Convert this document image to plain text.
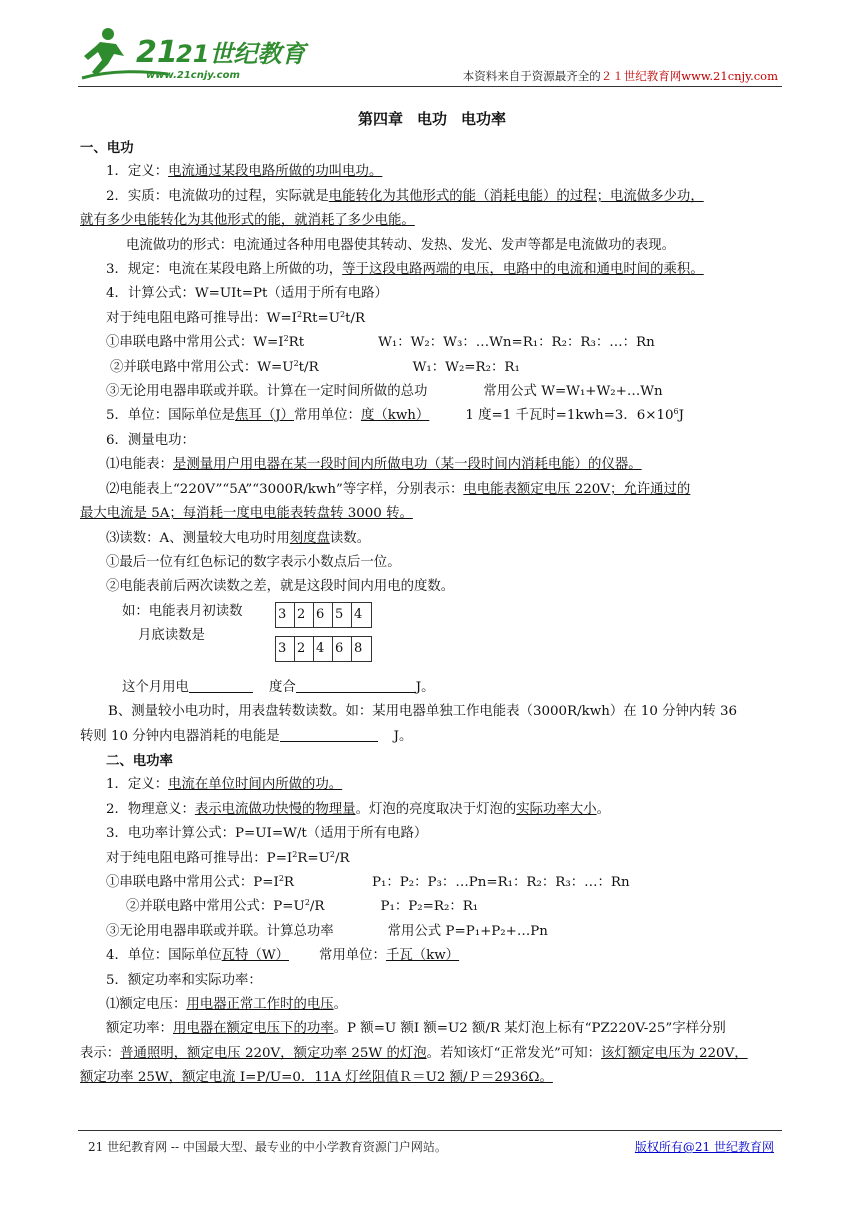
21
21世纪教育
www.21cnjy.com	本资料来自于资源最齐全的２１世纪教育网www.21cnjy.com
第四章 电功 电功率
一、电功
1．定义：电流通过某段电路所做的功叫电功。
2．实质：电流做功的过程，实际就是电能转化为其他形式的能（消耗电能）的过程；电流做多少功，
就有多少电能转化为其他形式的能，就消耗了多少电能。
电流做功的形式：电流通过各种用电器使其转动、发热、发光、发声等都是电流做功的表现。
3．规定：电流在某段电路上所做的功，等于这段电路两端的电压，电路中的电流和通电时间的乘积。
4．计算公式：W=UIt=Pt（适用于所有电路）
对于纯电阻电路可推导出：$W=I^2Rt=U^2t/R$
①串联电路中常用公式：$W=I^2Rt$	W₁：W₂：W₃：…Wn=R₁：R₂：R₃：…：Rn
②并联电路中常用公式：$W=U^2t/R$	W₁：W₂=R₂：R₁
③无论用电器串联或并联。计算在一定时间所做的总功	常用公式 W=W₁+W₂+…Wn
5．单位：国际单位是焦耳（J）常用单位：度（kwh）	1 度=1 千瓦时=1kwh=3．$6\times 10^6J$
6．测量电功：
⑴电能表：是测量用户用电器在某一段时间内所做电功（某一段时间内消耗电能）的仪器。
⑵电能表上“220V”“5A”“3000R/kwh”等字样，分别表示：电电能表额定电压 220V；允许通过的
最大电流是 5A；每消耗一度电电能表转盘转 3000 转。
⑶读数：A、测量较大电功时用刻度盘读数。
①最后一位有红色标记的数字表示小数点后一位。
②电能表前后两次读数之差，就是这段时间内用电的度数。
如：电能表月初读数
月底读数是
3 2 6 5 4
3 2 4 6 8
这个月用电	度合	J。
B、测量较小电功时，用表盘转数读数。如：某用电器单独工作电能表（3000R/kwh）在 10 分钟内转 36
转则 10 分钟内电器消耗的电能是	J。
二、电功率
1．定义：电流在单位时间内所做的功。
2．物理意义：表示电流做功快慢的物理量。灯泡的亮度取决于灯泡的实际功率大小。
3．电功率计算公式：P=UI=W/t（适用于所有电路）
对于纯电阻电路可推导出：$P=I^2R=U^2/R$
①串联电路中常用公式：$P=I^2R$	P₁：P₂：P₃：…Pn=R₁：R₂：R₃：…：Rn
②并联电路中常用公式：$P=U^2/R$	P₁：P₂=R₂：R₁
③无论用电器串联或并联。计算总功率	常用公式 P=P₁+P₂+…Pn
4．单位：国际单位瓦特（W） 常用单位：千瓦（kw）
5．额定功率和实际功率：
⑴额定电压：用电器正常工作时的电压。
额定功率：用电器在额定电压下的功率。P 额=U 额I 额=U2 额/R 某灯泡上标有“PZ220V-25”字样分别
表示：普通照明，额定电压 220V，额定功率 25W 的灯泡。若知该灯“正常发光”可知：该灯额定电压为 220V，
额定功率 25W，额定电流 I=P/U=0．11A 灯丝阻值Ｒ＝U2 额/Ｐ＝2936Ω。
21 世纪教育网 -- 中国最大型、最专业的中小学教育资源门户网站。	版权所有@21 世纪教育网
